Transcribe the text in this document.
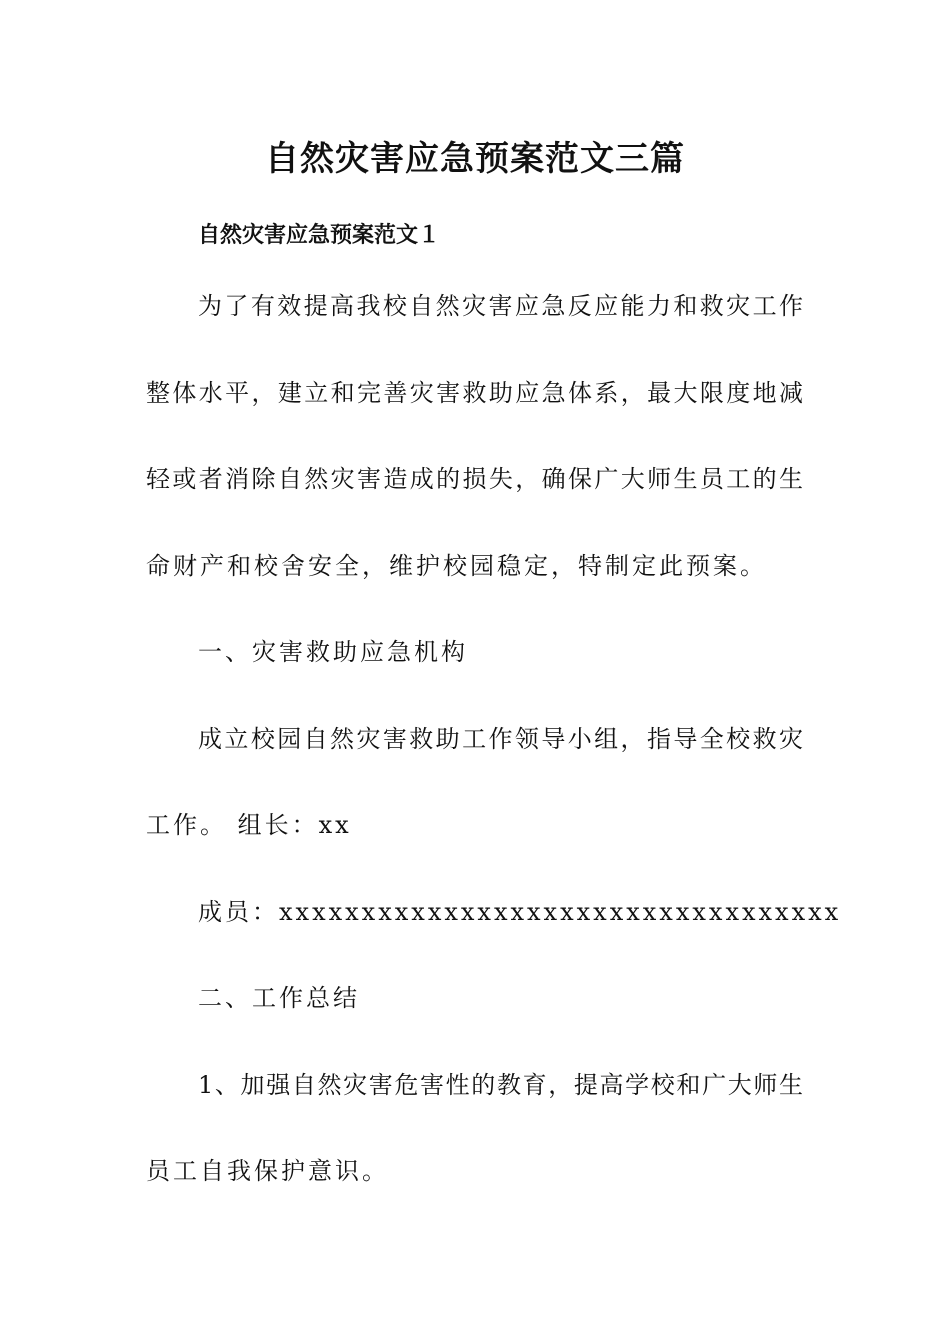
自然灾害应急预案范文三篇
自然灾害应急预案范文１
为了有效提高我校自然灾害应急反应能力和救灾工作
整体水平，建立和完善灾害救助应急体系，最大限度地减
轻或者消除自然灾害造成的损失，确保广大师生员工的生
命财产和校舍安全，维护校园稳定，特制定此预案。
一、灾害救助应急机构
成立校园自然灾害救助工作领导小组，指导全校救灾
工作。 组长：xx
成员：xxxxxxxxxxxxxxxxxxxxxxxxxxxxxxxxxx
二、工作总结
1、加强自然灾害危害性的教育，提高学校和广大师生
员工自我保护意识。
